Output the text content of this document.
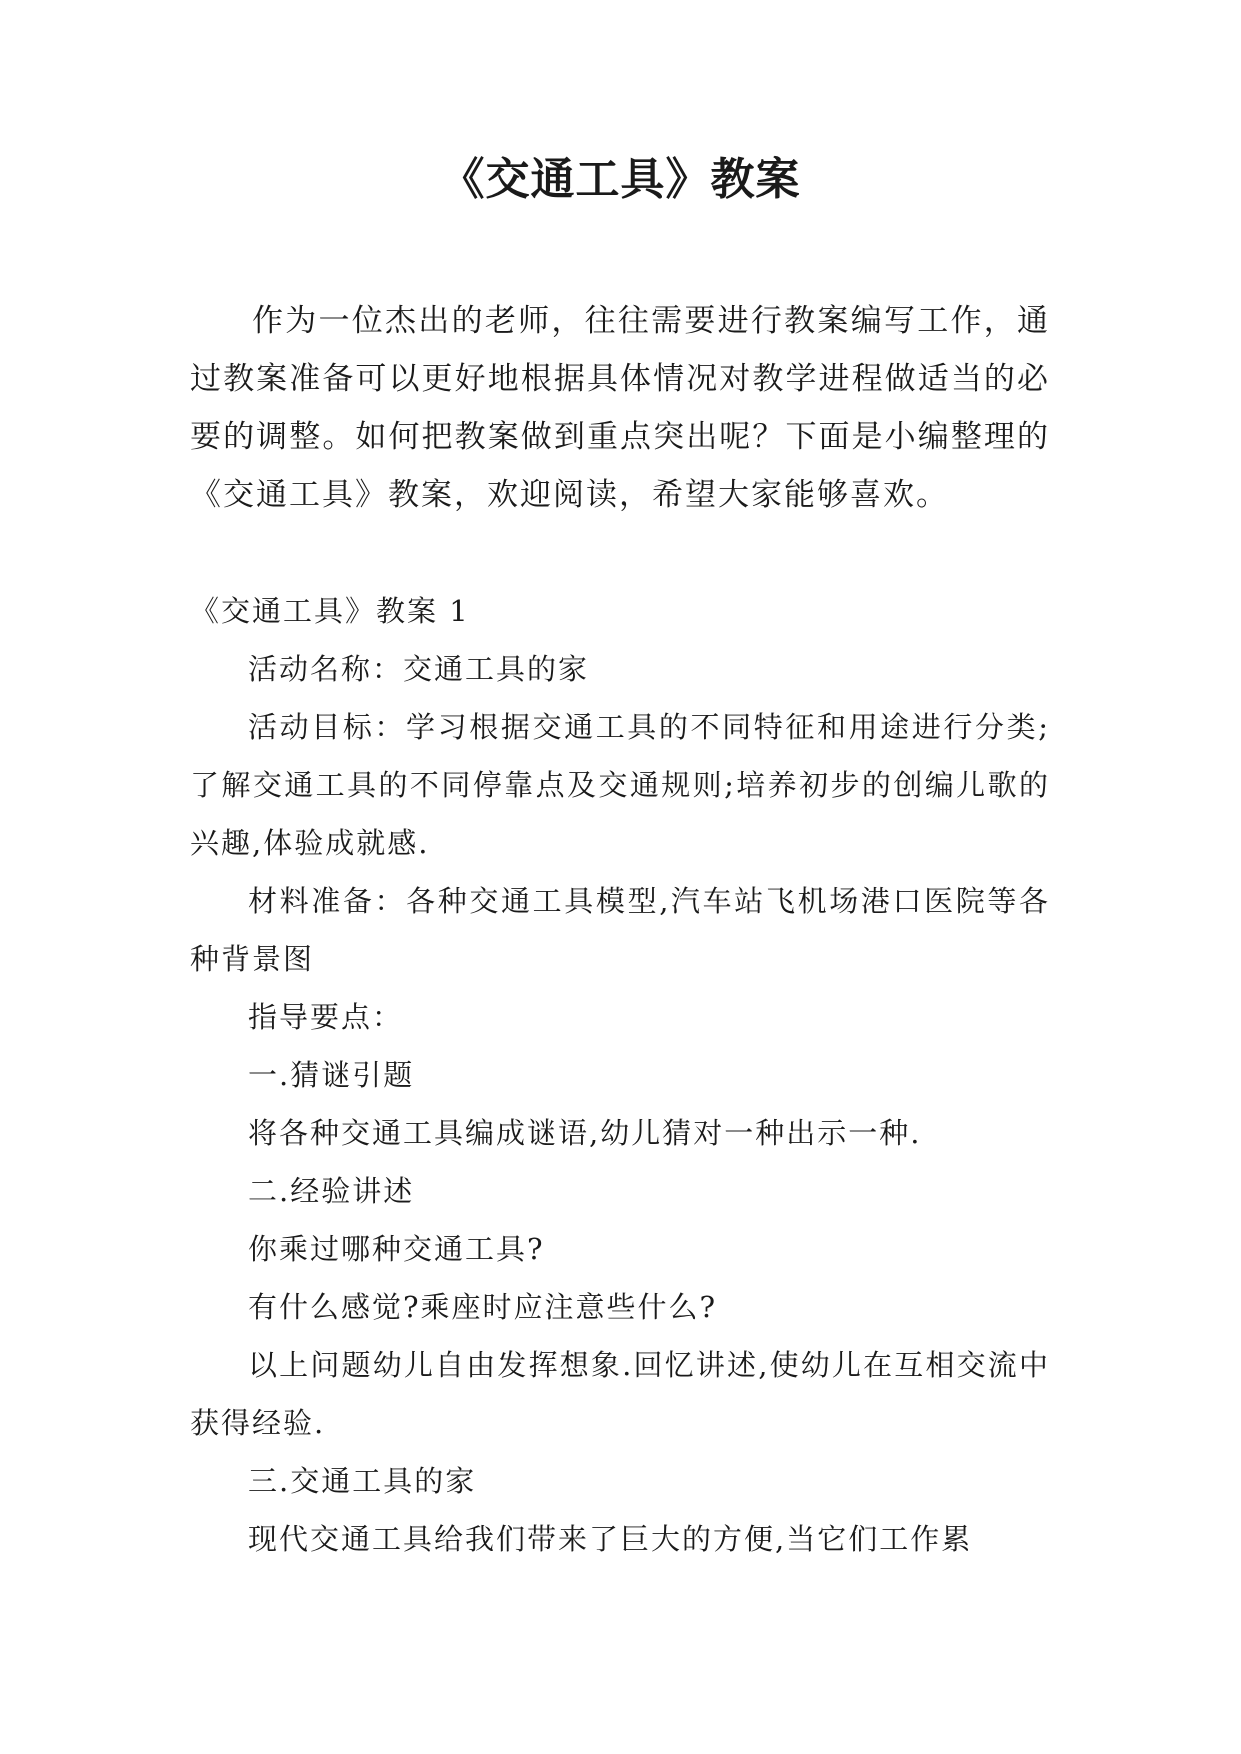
《交通工具》教案
作为一位杰出的老师，往往需要进行教案编写工作，通过教案准备可以更好地根据具体情况对教学进程做适当的必要的调整。如何把教案做到重点突出呢？下面是小编整理的《交通工具》教案，欢迎阅读，希望大家能够喜欢。

《交通工具》教案 1

活动名称：交通工具的家

活动目标：学习根据交通工具的不同特征和用途进行分类;了解交通工具的不同停靠点及交通规则;培养初步的创编儿歌的兴趣,体验成就感.

材料准备：各种交通工具模型,汽车站飞机场港口医院等各种背景图

指导要点：

一.猜谜引题

将各种交通工具编成谜语,幼儿猜对一种出示一种.

二.经验讲述

你乘过哪种交通工具?

有什么感觉?乘座时应注意些什么?

以上问题幼儿自由发挥想象.回忆讲述,使幼儿在互相交流中获得经验.

三.交通工具的家

现代交通工具给我们带来了巨大的方便,当它们工作累
